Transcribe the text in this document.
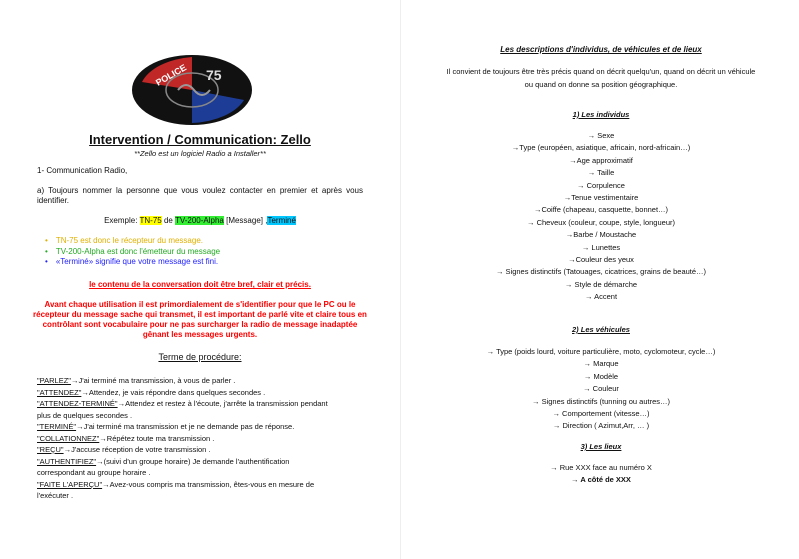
POLICE 75
Intervention / Communication: Zello
**Zello est un logiciel Radio a Installer**
1- Communication Radio,
a) Toujours nommer la personne que vous voulez contacter en premier et après vous identifier.
Exemple: TN-75 de TV-200-Alpha [Message] ,Terminé
• TN-75 est donc le récepteur du message.
• TV-200-Alpha est donc l'émetteur du message
• «Terminé» signifie que votre message est fini.
le contenu de la conversation doit être bref, clair et précis.
Avant chaque utilisation il est primordialement de s'identifier pour que le PC ou le récepteur du message sache qui transmet, il est important de parlé vite et claire tous en contrôlant sont vocabulaire pour ne pas surcharger la radio de message inadaptée gênant les messages urgents.
Terme de procédure:
"PARLEZ"→J'ai terminé ma transmission, à vous de parler .
"ATTENDEZ"→Attendez, je vais répondre dans quelques secondes .
"ATTENDEZ-TERMINÉ"→Attendez et restez à l'écoute, j'arrête la transmission pendant plus de quelques secondes .
"TERMINÉ"→J'ai terminé ma transmission et je ne demande pas de réponse.
"COLLATIONNEZ"→Répétez toute ma transmission .
"REÇU"→J'accuse réception de votre transmission .
"AUTHENTIFIEZ"→(suivi d'un groupe horaire) Je demande l'authentification correspondant au groupe horaire .
"FAITE L'APERÇU"→Avez-vous compris ma transmission, êtes-vous en mesure de l'exécuter .
Les descriptions d'individus, de véhicules et de lieux
Il convient de toujours être très précis quand on décrit quelqu'un, quand on décrit un véhicule
ou quand on donne sa position géographique.
1) Les individus
→ Sexe
→Type (européen, asiatique, africain, nord-africain…)
→Age approximatif
→ Taille
→ Corpulence
→Tenue vestimentaire
→Coiffe (chapeau, casquette, bonnet…)
→ Cheveux (couleur, coupe, style, longueur)
→Barbe / Moustache
→ Lunettes
→Couleur des yeux
→ Signes distinctifs (Tatouages, cicatrices, grains de beauté…)
→ Style de démarche
→ Accent
2) Les véhicules
→ Type (poids lourd, voiture particulière, moto, cyclomoteur, cycle…)
→ Marque
→ Modèle
→ Couleur
→ Signes distinctifs (tunning ou autres…)
→ Comportement (vitesse…)
→ Direction ( Azimut,Arr, … )
3) Les lieux
→ Rue XXX face au numéro X
→ A côté de XXX
